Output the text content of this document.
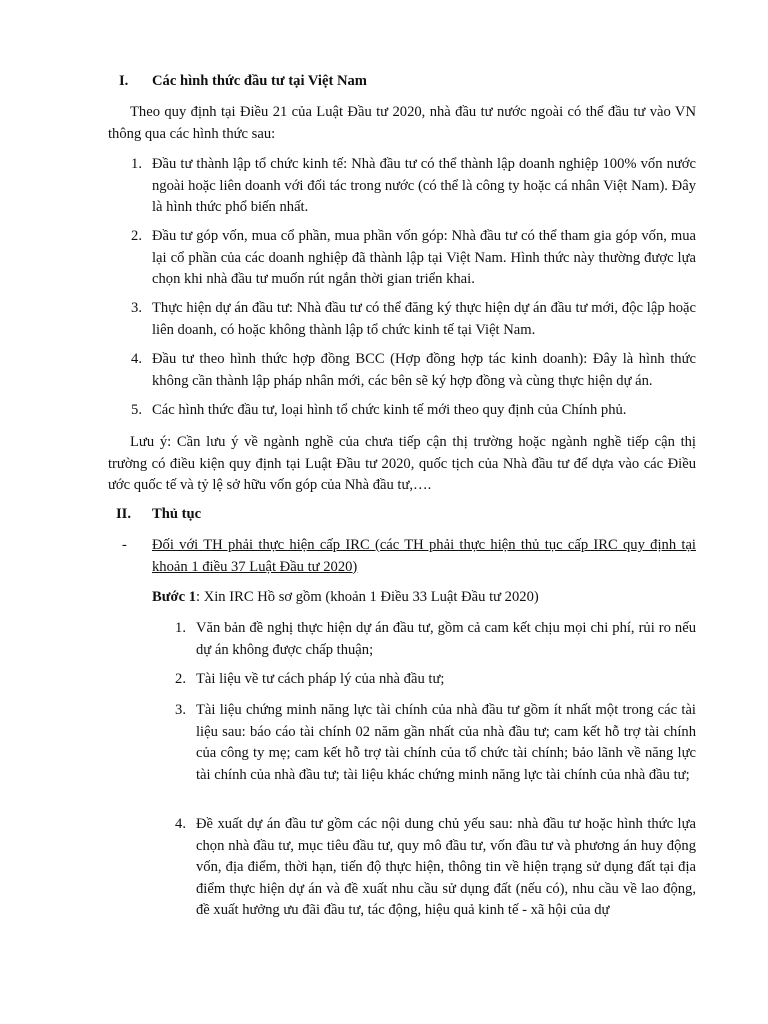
I. Các hình thức đầu tư tại Việt Nam
Theo quy định tại Điều 21 của Luật Đầu tư 2020, nhà đầu tư nước ngoài có thể đầu tư vào VN thông qua các hình thức sau:
1. Đầu tư thành lập tổ chức kinh tế: Nhà đầu tư có thể thành lập doanh nghiệp 100% vốn nước ngoài hoặc liên doanh với đối tác trong nước (có thể là công ty hoặc cá nhân Việt Nam). Đây là hình thức phổ biến nhất.
2. Đầu tư góp vốn, mua cổ phần, mua phần vốn góp: Nhà đầu tư có thể tham gia góp vốn, mua lại cổ phần của các doanh nghiệp đã thành lập tại Việt Nam. Hình thức này thường được lựa chọn khi nhà đầu tư muốn rút ngắn thời gian triển khai.
3. Thực hiện dự án đầu tư: Nhà đầu tư có thể đăng ký thực hiện dự án đầu tư mới, độc lập hoặc liên doanh, có hoặc không thành lập tổ chức kinh tế tại Việt Nam.
4. Đầu tư theo hình thức hợp đồng BCC (Hợp đồng hợp tác kinh doanh): Đây là hình thức không cần thành lập pháp nhân mới, các bên sẽ ký hợp đồng và cùng thực hiện dự án.
5. Các hình thức đầu tư, loại hình tổ chức kinh tế mới theo quy định của Chính phủ.
Lưu ý: Cần lưu ý về ngành nghề của chưa tiếp cận thị trường hoặc ngành nghề tiếp cận thị trường có điều kiện quy định tại Luật Đầu tư 2020, quốc tịch của Nhà đầu tư để dựa vào các Điều ước quốc tế và tỷ lệ sở hữu vốn góp của Nhà đầu tư,….
II. Thủ tục
-	Đối với TH phải thực hiện cấp IRC (các TH phải thực hiện thủ tục cấp IRC quy định tại khoản 1 điều 37 Luật Đầu tư 2020)
Bước 1: Xin IRC Hồ sơ gồm (khoản 1 Điều 33 Luật Đầu tư 2020)
1. Văn bản đề nghị thực hiện dự án đầu tư, gồm cả cam kết chịu mọi chi phí, rủi ro nếu dự án không được chấp thuận;
2. Tài liệu về tư cách pháp lý của nhà đầu tư;
3. Tài liệu chứng minh năng lực tài chính của nhà đầu tư gồm ít nhất một trong các tài liệu sau: báo cáo tài chính 02 năm gần nhất của nhà đầu tư; cam kết hỗ trợ tài chính của công ty mẹ; cam kết hỗ trợ tài chính của tổ chức tài chính; bảo lãnh về năng lực tài chính của nhà đầu tư; tài liệu khác chứng minh năng lực tài chính của nhà đầu tư;
4. Đề xuất dự án đầu tư gồm các nội dung chủ yếu sau: nhà đầu tư hoặc hình thức lựa chọn nhà đầu tư, mục tiêu đầu tư, quy mô đầu tư, vốn đầu tư và phương án huy động vốn, địa điểm, thời hạn, tiến độ thực hiện, thông tin về hiện trạng sử dụng đất tại địa điểm thực hiện dự án và đề xuất nhu cầu sử dụng đất (nếu có), nhu cầu về lao động, đề xuất hưởng ưu đãi đầu tư, tác động, hiệu quả kinh tế - xã hội của dự
